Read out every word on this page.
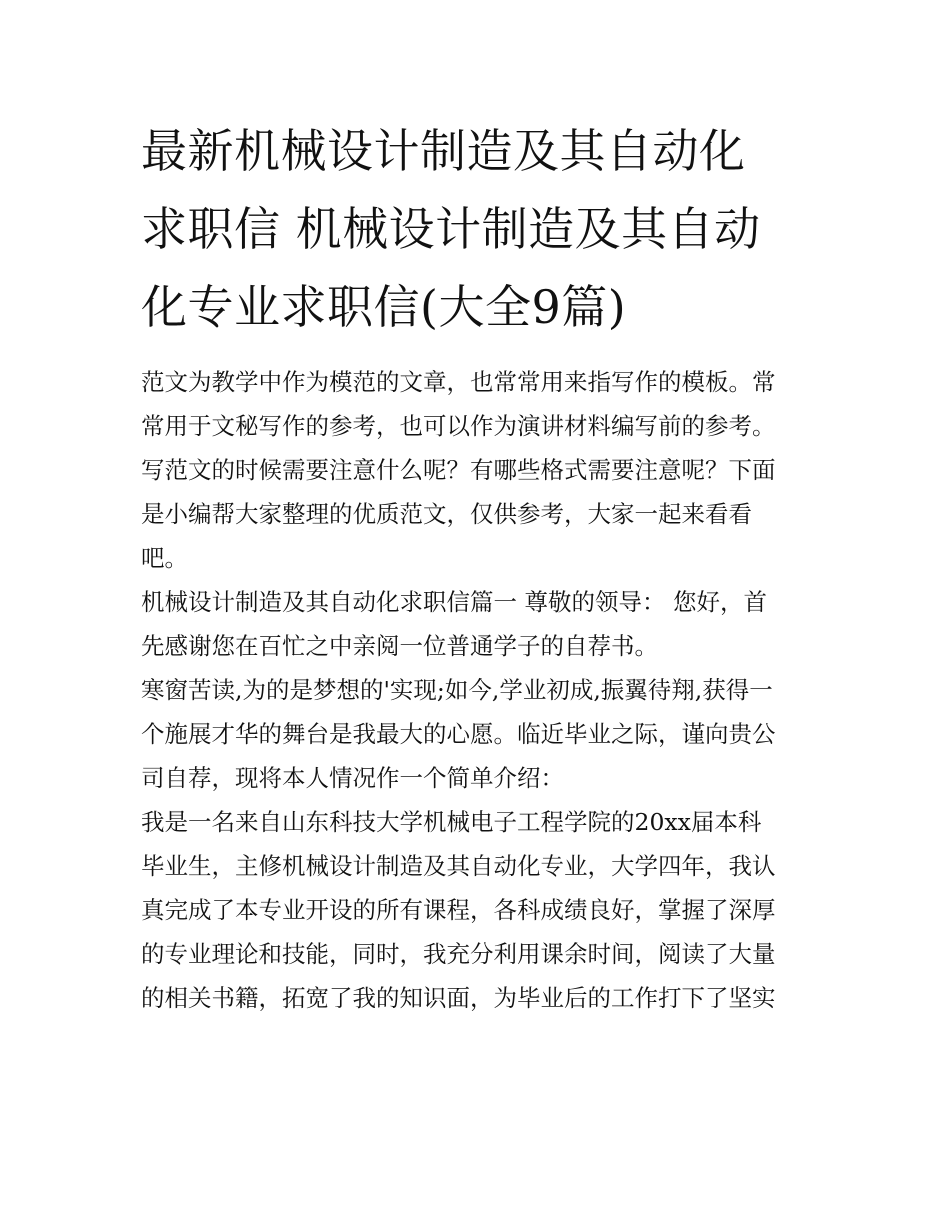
最新机械设计制造及其自动化
求职信 机械设计制造及其自动
化专业求职信(大全9篇)

范文为教学中作为模范的文章，也常常用来指写作的模板。常
常用于文秘写作的参考，也可以作为演讲材料编写前的参考。
写范文的时候需要注意什么呢？有哪些格式需要注意呢？下面
是小编帮大家整理的优质范文，仅供参考，大家一起来看看
吧。

机械设计制造及其自动化求职信篇一 尊敬的领导： 您好，首
先感谢您在百忙之中亲阅一位普通学子的自荐书。

寒窗苦读,为的是梦想的'实现;如今,学业初成,振翼待翔,获得一
个施展才华的舞台是我最大的心愿。临近毕业之际，谨向贵公
司自荐，现将本人情况作一个简单介绍：

我是一名来自山东科技大学机械电子工程学院的20xx届本科
毕业生，主修机械设计制造及其自动化专业，大学四年，我认
真完成了本专业开设的所有课程，各科成绩良好，掌握了深厚
的专业理论和技能，同时，我充分利用课余时间，阅读了大量
的相关书籍，拓宽了我的知识面，为毕业后的工作打下了坚实
